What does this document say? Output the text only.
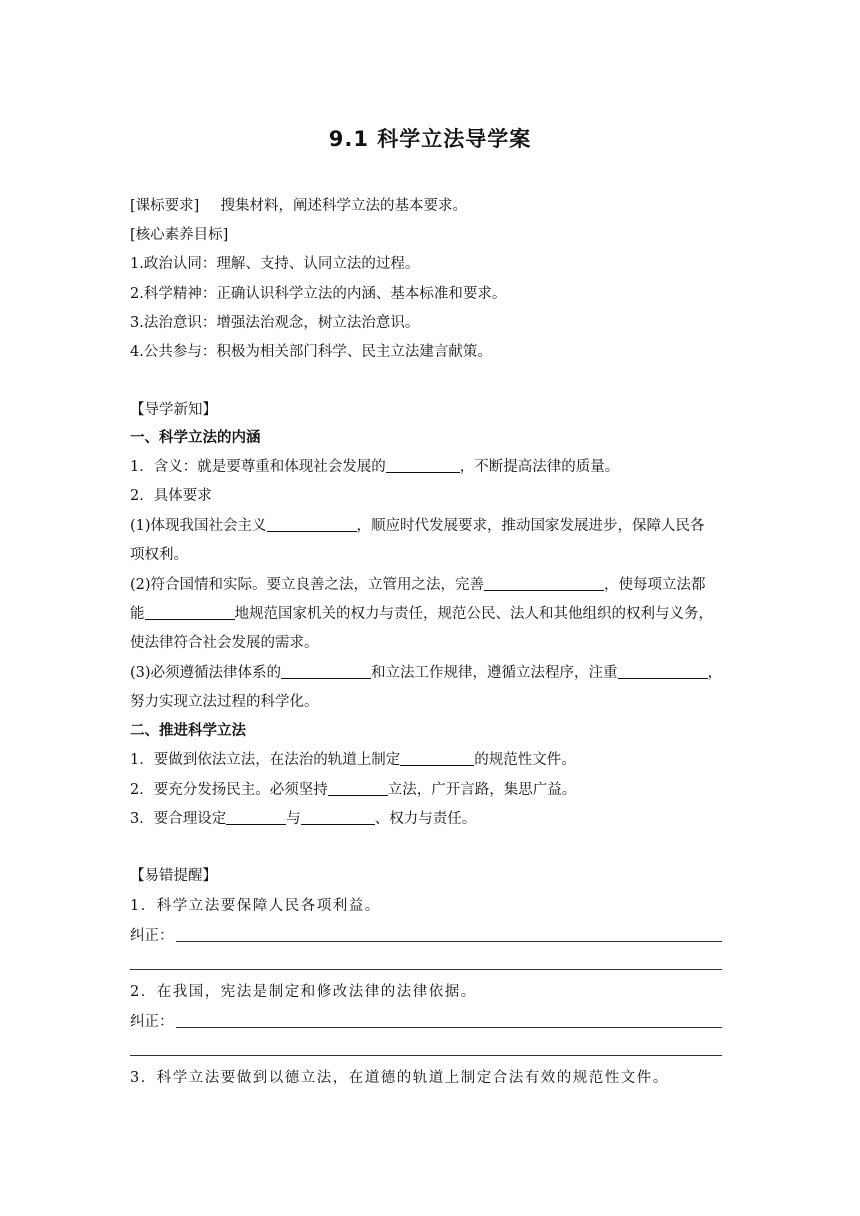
9.1 科学立法导学案
[课标要求] 搜集材料，阐述科学立法的基本要求。
[核心素养目标]
1.政治认同：理解、支持、认同立法的过程。
2.科学精神：正确认识科学立法的内涵、基本标准和要求。
3.法治意识：增强法治观念，树立法治意识。
4.公共参与：积极为相关部门科学、民主立法建言献策。
【导学新知】
一、科学立法的内涵
1．含义：就是要尊重和体现社会发展的	，不断提高法律的质量。
2．具体要求
(1)体现我国社会主义	，顺应时代发展要求，推动国家发展进步，保障人民各
项权利。
(2)符合国情和实际。要立良善之法，立管用之法，完善	，使每项立法都
能	地规范国家机关的权力与责任，规范公民、法人和其他组织的权利与义务，
使法律符合社会发展的需求。
(3)必须遵循法律体系的	和立法工作规律，遵循立法程序，注重	，
努力实现立法过程的科学化。
二、推进科学立法
1．要做到依法立法，在法治的轨道上制定	的规范性文件。
2．要充分发扬民主。必须坚持	立法，广开言路，集思广益。
3．要合理设定	与	、权力与责任。
【易错提醒】
1．科学立法要保障人民各项利益。
纠正：
2．在我国，宪法是制定和修改法律的法律依据。
纠正：
3．科学立法要做到以德立法，在道德的轨道上制定合法有效的规范性文件。
